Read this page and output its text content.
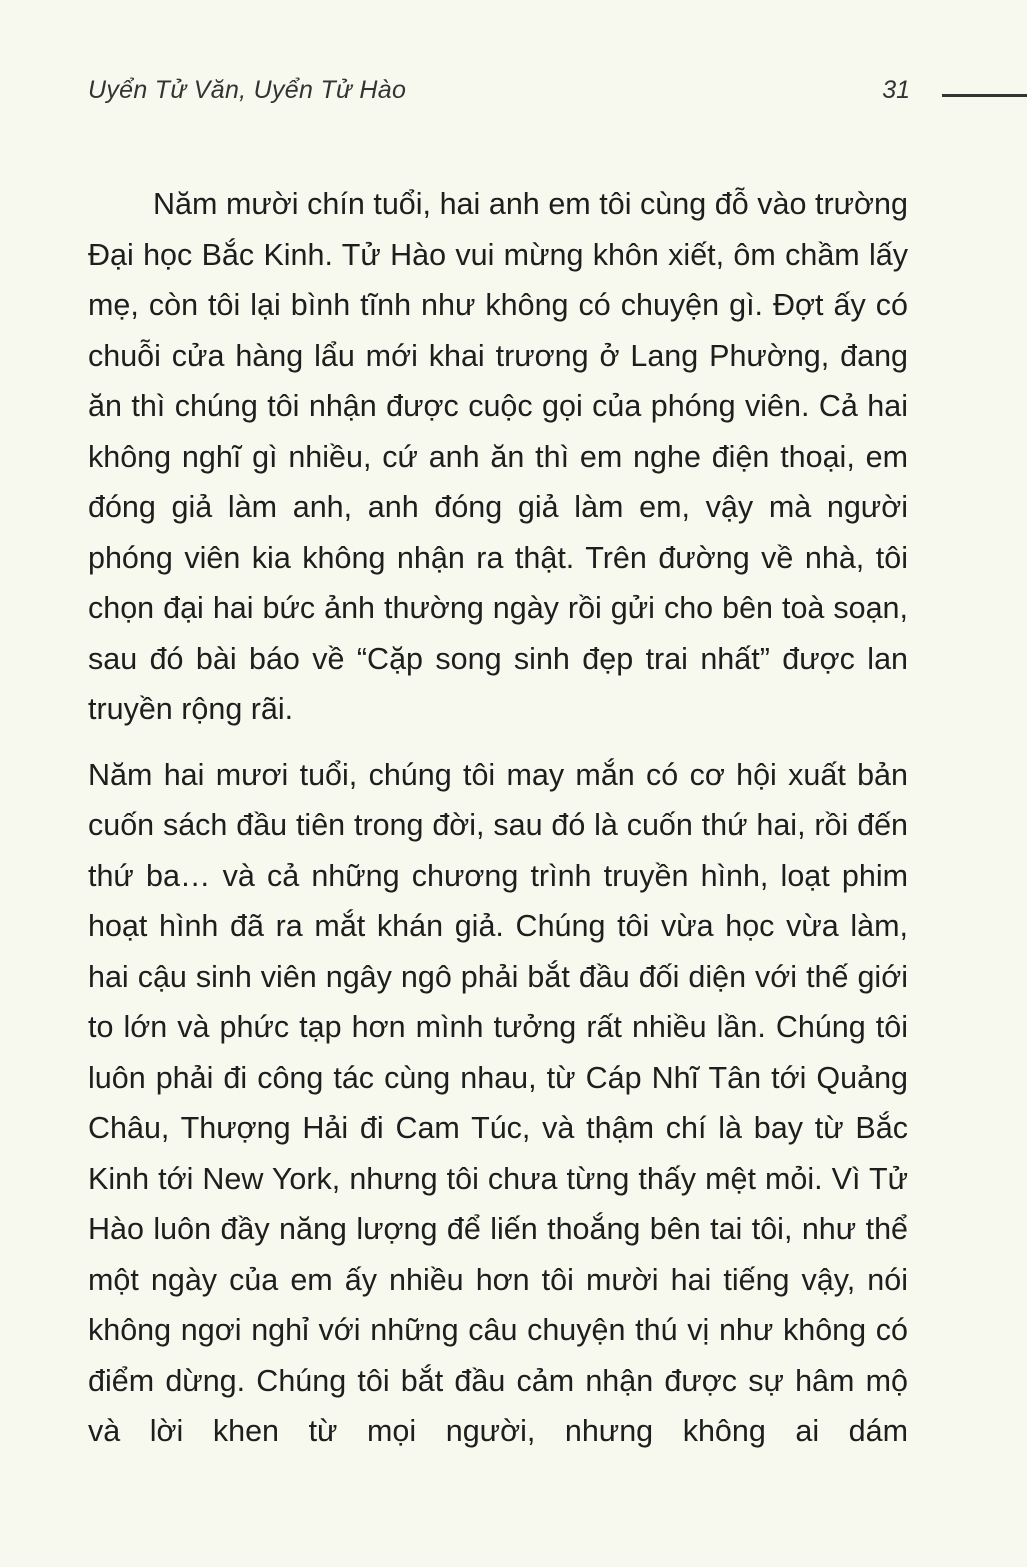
Uyển Tử Văn, Uyển Tử Hào	31

Năm mười chín tuổi, hai anh em tôi cùng đỗ vào trường Đại học Bắc Kinh. Tử Hào vui mừng khôn xiết, ôm chầm lấy mẹ, còn tôi lại bình tĩnh như không có chuyện gì. Đợt ấy có chuỗi cửa hàng lẩu mới khai trương ở Lang Phường, đang ăn thì chúng tôi nhận được cuộc gọi của phóng viên. Cả hai không nghĩ gì nhiều, cứ anh ăn thì em nghe điện thoại, em đóng giả làm anh, anh đóng giả làm em, vậy mà người phóng viên kia không nhận ra thật. Trên đường về nhà, tôi chọn đại hai bức ảnh thường ngày rồi gửi cho bên toà soạn, sau đó bài báo về “Cặp song sinh đẹp trai nhất” được lan truyền rộng rãi.

Năm hai mươi tuổi, chúng tôi may mắn có cơ hội xuất bản cuốn sách đầu tiên trong đời, sau đó là cuốn thứ hai, rồi đến thứ ba… và cả những chương trình truyền hình, loạt phim hoạt hình đã ra mắt khán giả. Chúng tôi vừa học vừa làm, hai cậu sinh viên ngây ngô phải bắt đầu đối diện với thế giới to lớn và phức tạp hơn mình tưởng rất nhiều lần. Chúng tôi luôn phải đi công tác cùng nhau, từ Cáp Nhĩ Tân tới Quảng Châu, Thượng Hải đi Cam Túc, và thậm chí là bay từ Bắc Kinh tới New York, nhưng tôi chưa từng thấy mệt mỏi. Vì Tử Hào luôn đầy năng lượng để liến thoắng bên tai tôi, như thể một ngày của em ấy nhiều hơn tôi mười hai tiếng vậy, nói không ngơi nghỉ với những câu chuyện thú vị như không có điểm dừng. Chúng tôi bắt đầu cảm nhận được sự hâm mộ và lời khen từ mọi người, nhưng không ai dám
